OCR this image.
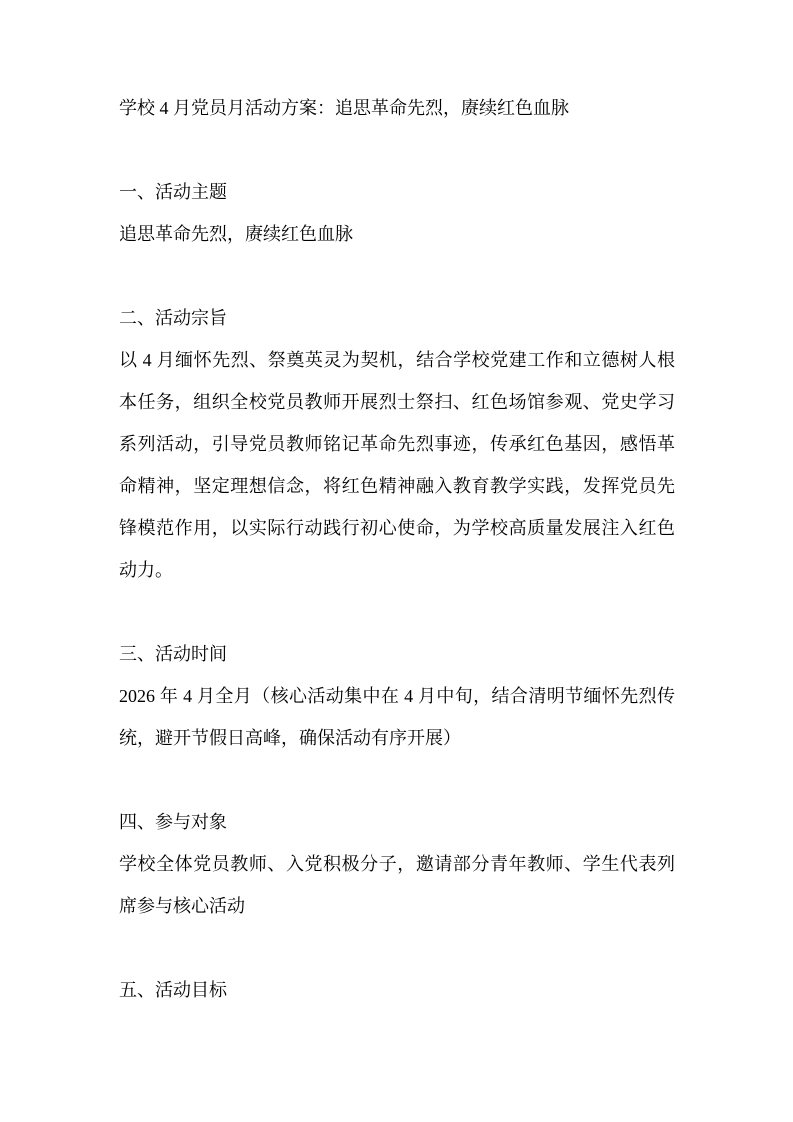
学校 4 月党员月活动方案：追思革命先烈，赓续红色血脉

一、活动主题

追思革命先烈，赓续红色血脉

二、活动宗旨

以 4 月缅怀先烈、祭奠英灵为契机，结合学校党建工作和立德树人根本任务，组织全校党员教师开展烈士祭扫、红色场馆参观、党史学习系列活动，引导党员教师铭记革命先烈事迹，传承红色基因，感悟革命精神，坚定理想信念，将红色精神融入教育教学实践，发挥党员先锋模范作用，以实际行动践行初心使命，为学校高质量发展注入红色动力。

三、活动时间

2026 年 4 月全月（核心活动集中在 4 月中旬，结合清明节缅怀先烈传统，避开节假日高峰，确保活动有序开展）

四、参与对象

学校全体党员教师、入党积极分子，邀请部分青年教师、学生代表列席参与核心活动

五、活动目标
